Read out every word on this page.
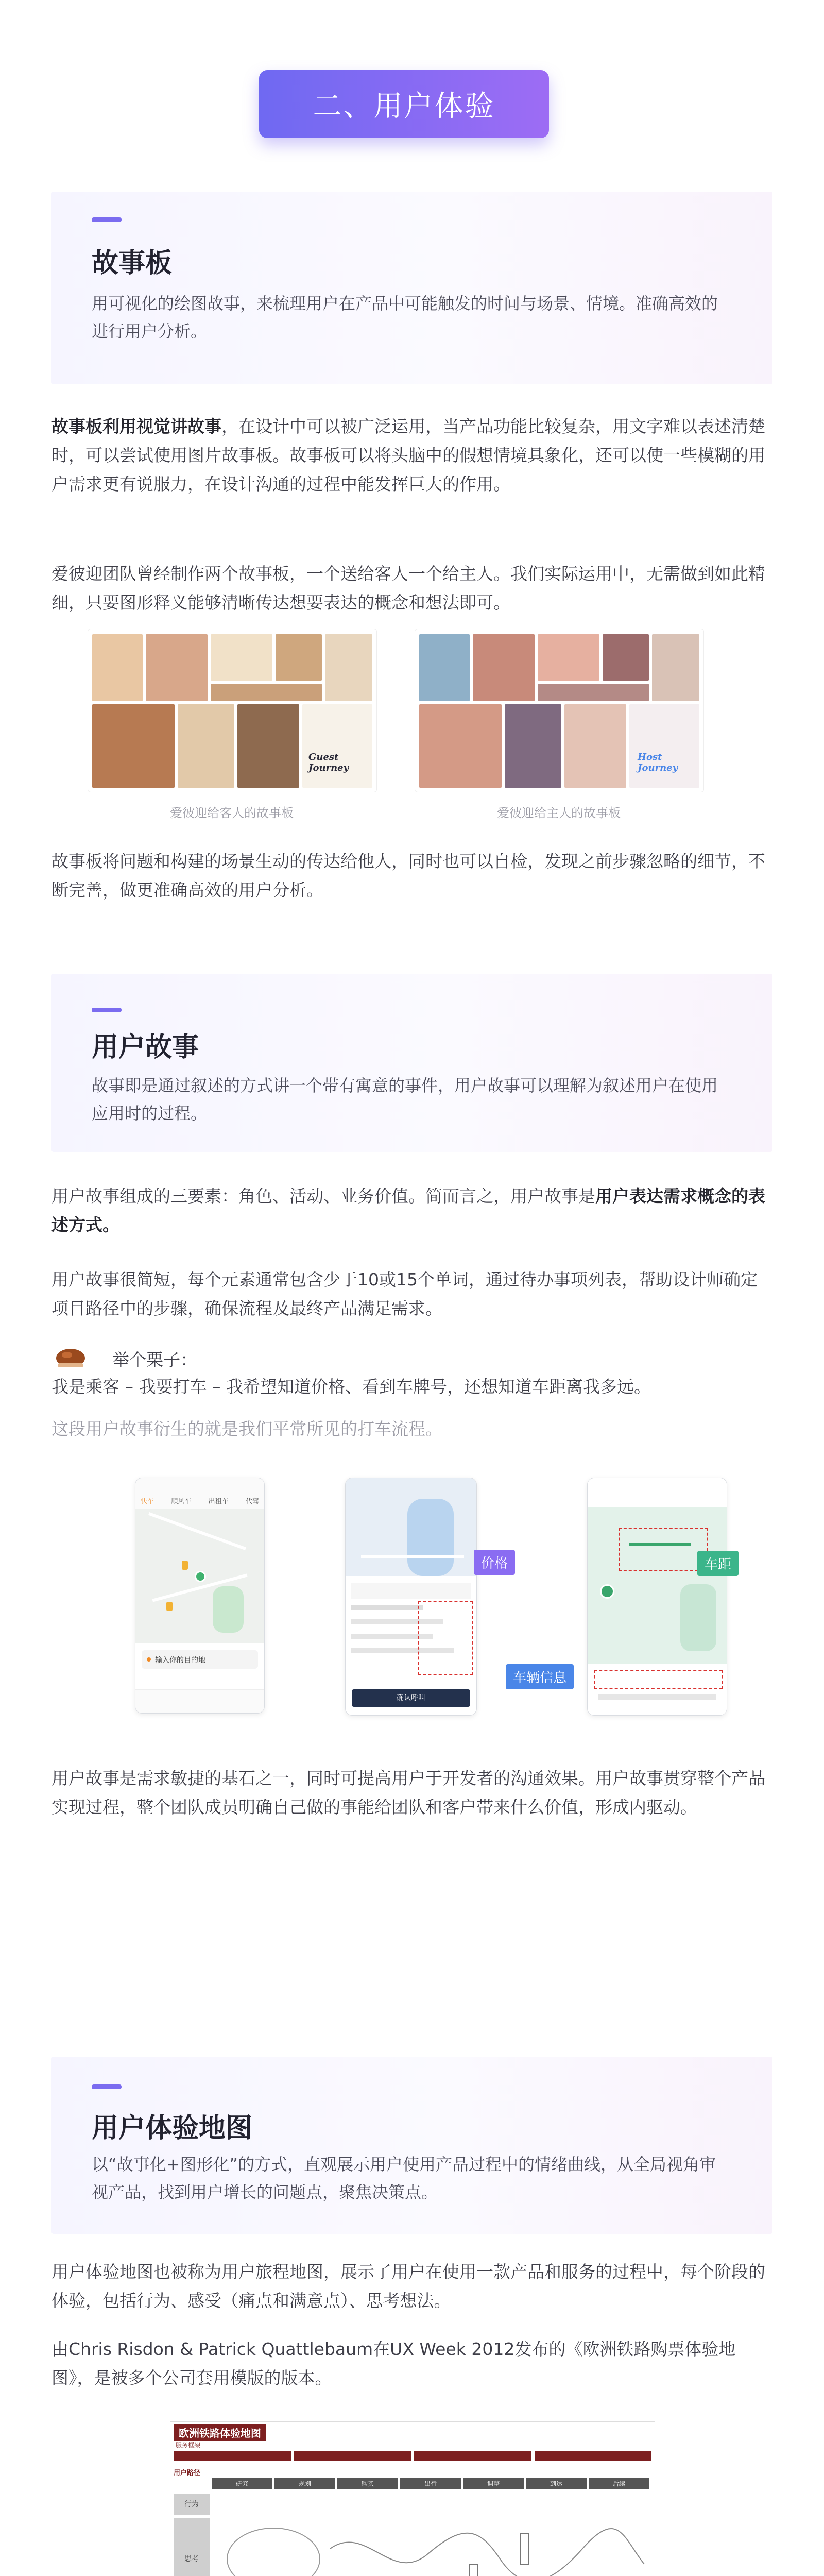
二、用户体验
故事板

用可视化的绘图故事，来梳理用户在产品中可能触发的时间与场景、情境。准确高效的进行用户分析。

故事板利用视觉讲故事，在设计中可以被广泛运用，当产品功能比较复杂，用文字难以表述清楚时，可以尝试使用图片故事板。故事板可以将头脑中的假想情境具象化，还可以使一些模糊的用户需求更有说服力，在设计沟通的过程中能发挥巨大的作用。

爱彼迎团队曾经制作两个故事板，一个送给客人一个给主人。我们实际运用中，无需做到如此精细，只要图形释义能够清晰传达想要表达的概念和想法即可。

Guest Journey
爱彼迎给客人的故事板
Host Journey
爱彼迎给主人的故事板

故事板将问题和构建的场景生动的传达给他人，同时也可以自检，发现之前步骤忽略的细节，不断完善，做更准确高效的用户分析。

用户故事

故事即是通过叙述的方式讲一个带有寓意的事件，用户故事可以理解为叙述用户在使用应用时的过程。

用户故事组成的三要素：角色、活动、业务价值。简而言之，用户故事是用户表达需求概念的表述方式。

用户故事很简短，每个元素通常包含少于10或15个单词，通过待办事项列表，帮助设计师确定项目路径中的步骤，确保流程及最终产品满足需求。

举个栗子：

我是乘客 – 我要打车 – 我希望知道价格、看到车牌号，还想知道车距离我多远。

这段用户故事衍生的就是我们平常所见的打车流程。

快车	顺风车	出租车	代驾
输入你的目的地
确认呼叫
价格
车辆信息
车距

用户故事是需求敏捷的基石之一，同时可提高用户于开发者的沟通效果。用户故事贯穿整个产品实现过程，整个团队成员明确自己做的事能给团队和客户带来什么价值，形成内驱动。

用户体验地图

以“故事化+图形化”的方式，直观展示用户使用产品过程中的情绪曲线，从全局视角审视产品，找到用户增长的问题点，聚焦决策点。

用户体验地图也被称为用户旅程地图，展示了用户在使用一款产品和服务的过程中，每个阶段的体验，包括行为、感受（痛点和满意点）、思考想法。

由Chris Risdon & Patrick Quattlebaum在UX Week 2012发布的《欧洲铁路购票体验地图》，是被多个公司套用模版的版本。

欧洲铁路体验地图
服务框架
用户路径
研究	规划	购买	出行	调整	到达	后续
行为
思考
